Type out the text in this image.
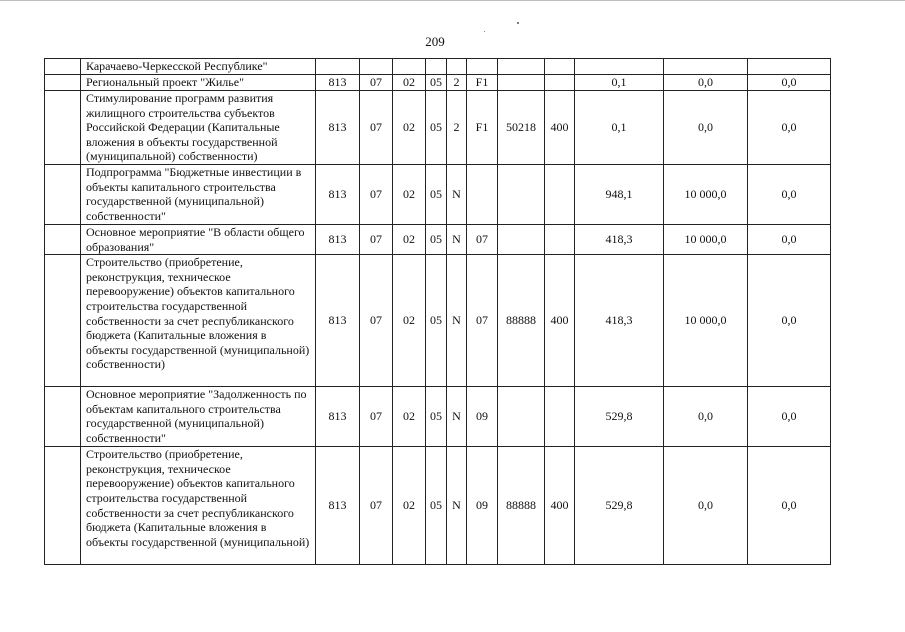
209
	Карачаево-Черкесской Республике"											
	Региональный проект "Жилье"	813	07	02	05	2	F1			0,1	0,0	0,0
	Стимулирование программ развития жилищного строительства субъектов Российской Федерации (Капитальные вложения в объекты государственной (муниципальной) собственности)	813	07	02	05	2	F1	50218	400	0,1	0,0	0,0
	Подпрограмма "Бюджетные инвестиции в объекты капитального строительства государственной (муниципальной) собственности"	813	07	02	05	N				948,1	10 000,0	0,0
	Основное мероприятие "В области общего образования"	813	07	02	05	N	07			418,3	10 000,0	0,0
	Строительство (приобретение, реконструкция, техническое перевооружение) объектов капитального строительства государственной собственности за счет республиканского бюджета (Капитальные вложения в объекты государственной (муниципальной) собственности)	813	07	02	05	N	07	88888	400	418,3	10 000,0	0,0
	Основное мероприятие "Задолженность по объектам капитального строительства государственной (муниципальной) собственности"	813	07	02	05	N	09			529,8	0,0	0,0
	Строительство (приобретение, реконструкция, техническое перевооружение) объектов капитального строительства государственной собственности за счет республиканского бюджета (Капитальные вложения в объекты государственной (муниципальной)	813	07	02	05	N	09	88888	400	529,8	0,0	0,0
